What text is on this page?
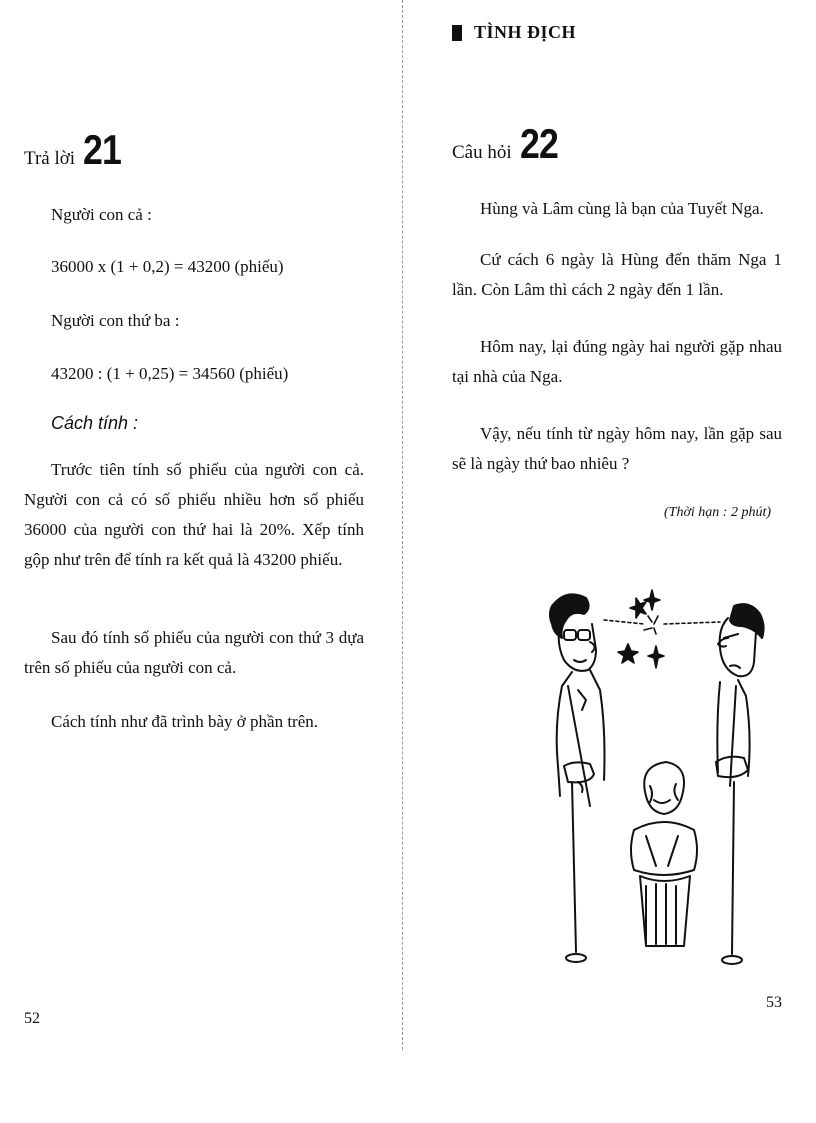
Trả lời 21
Người con cả :
36000 x (1 + 0,2) = 43200 (phiếu)
Người con thứ ba :
43200 : (1 + 0,25) = 34560 (phiếu)
Cách tính :
Trước tiên tính số phiếu của người con cả. Người con cả có số phiếu nhiều hơn số phiếu 36000 của người con thứ hai là 20%. Xếp tính gộp như trên để tính ra kết quả là 43200 phiếu.
Sau đó tính số phiếu của người con thứ 3 dựa trên số phiếu của người con cả.
Cách tính như đã trình bày ở phần trên.
52
TÌNH ĐỊCH
Câu hỏi 22
Hùng và Lâm cùng là bạn của Tuyết Nga.
Cứ cách 6 ngày là Hùng đến thăm Nga 1 lần. Còn Lâm thì cách 2 ngày đến 1 lần.
Hôm nay, lại đúng ngày hai người gặp nhau tại nhà của Nga.
Vậy, nếu tính từ ngày hôm nay, lần gặp sau sẽ là ngày thứ bao nhiêu ?
(Thời hạn : 2 phút)
53
